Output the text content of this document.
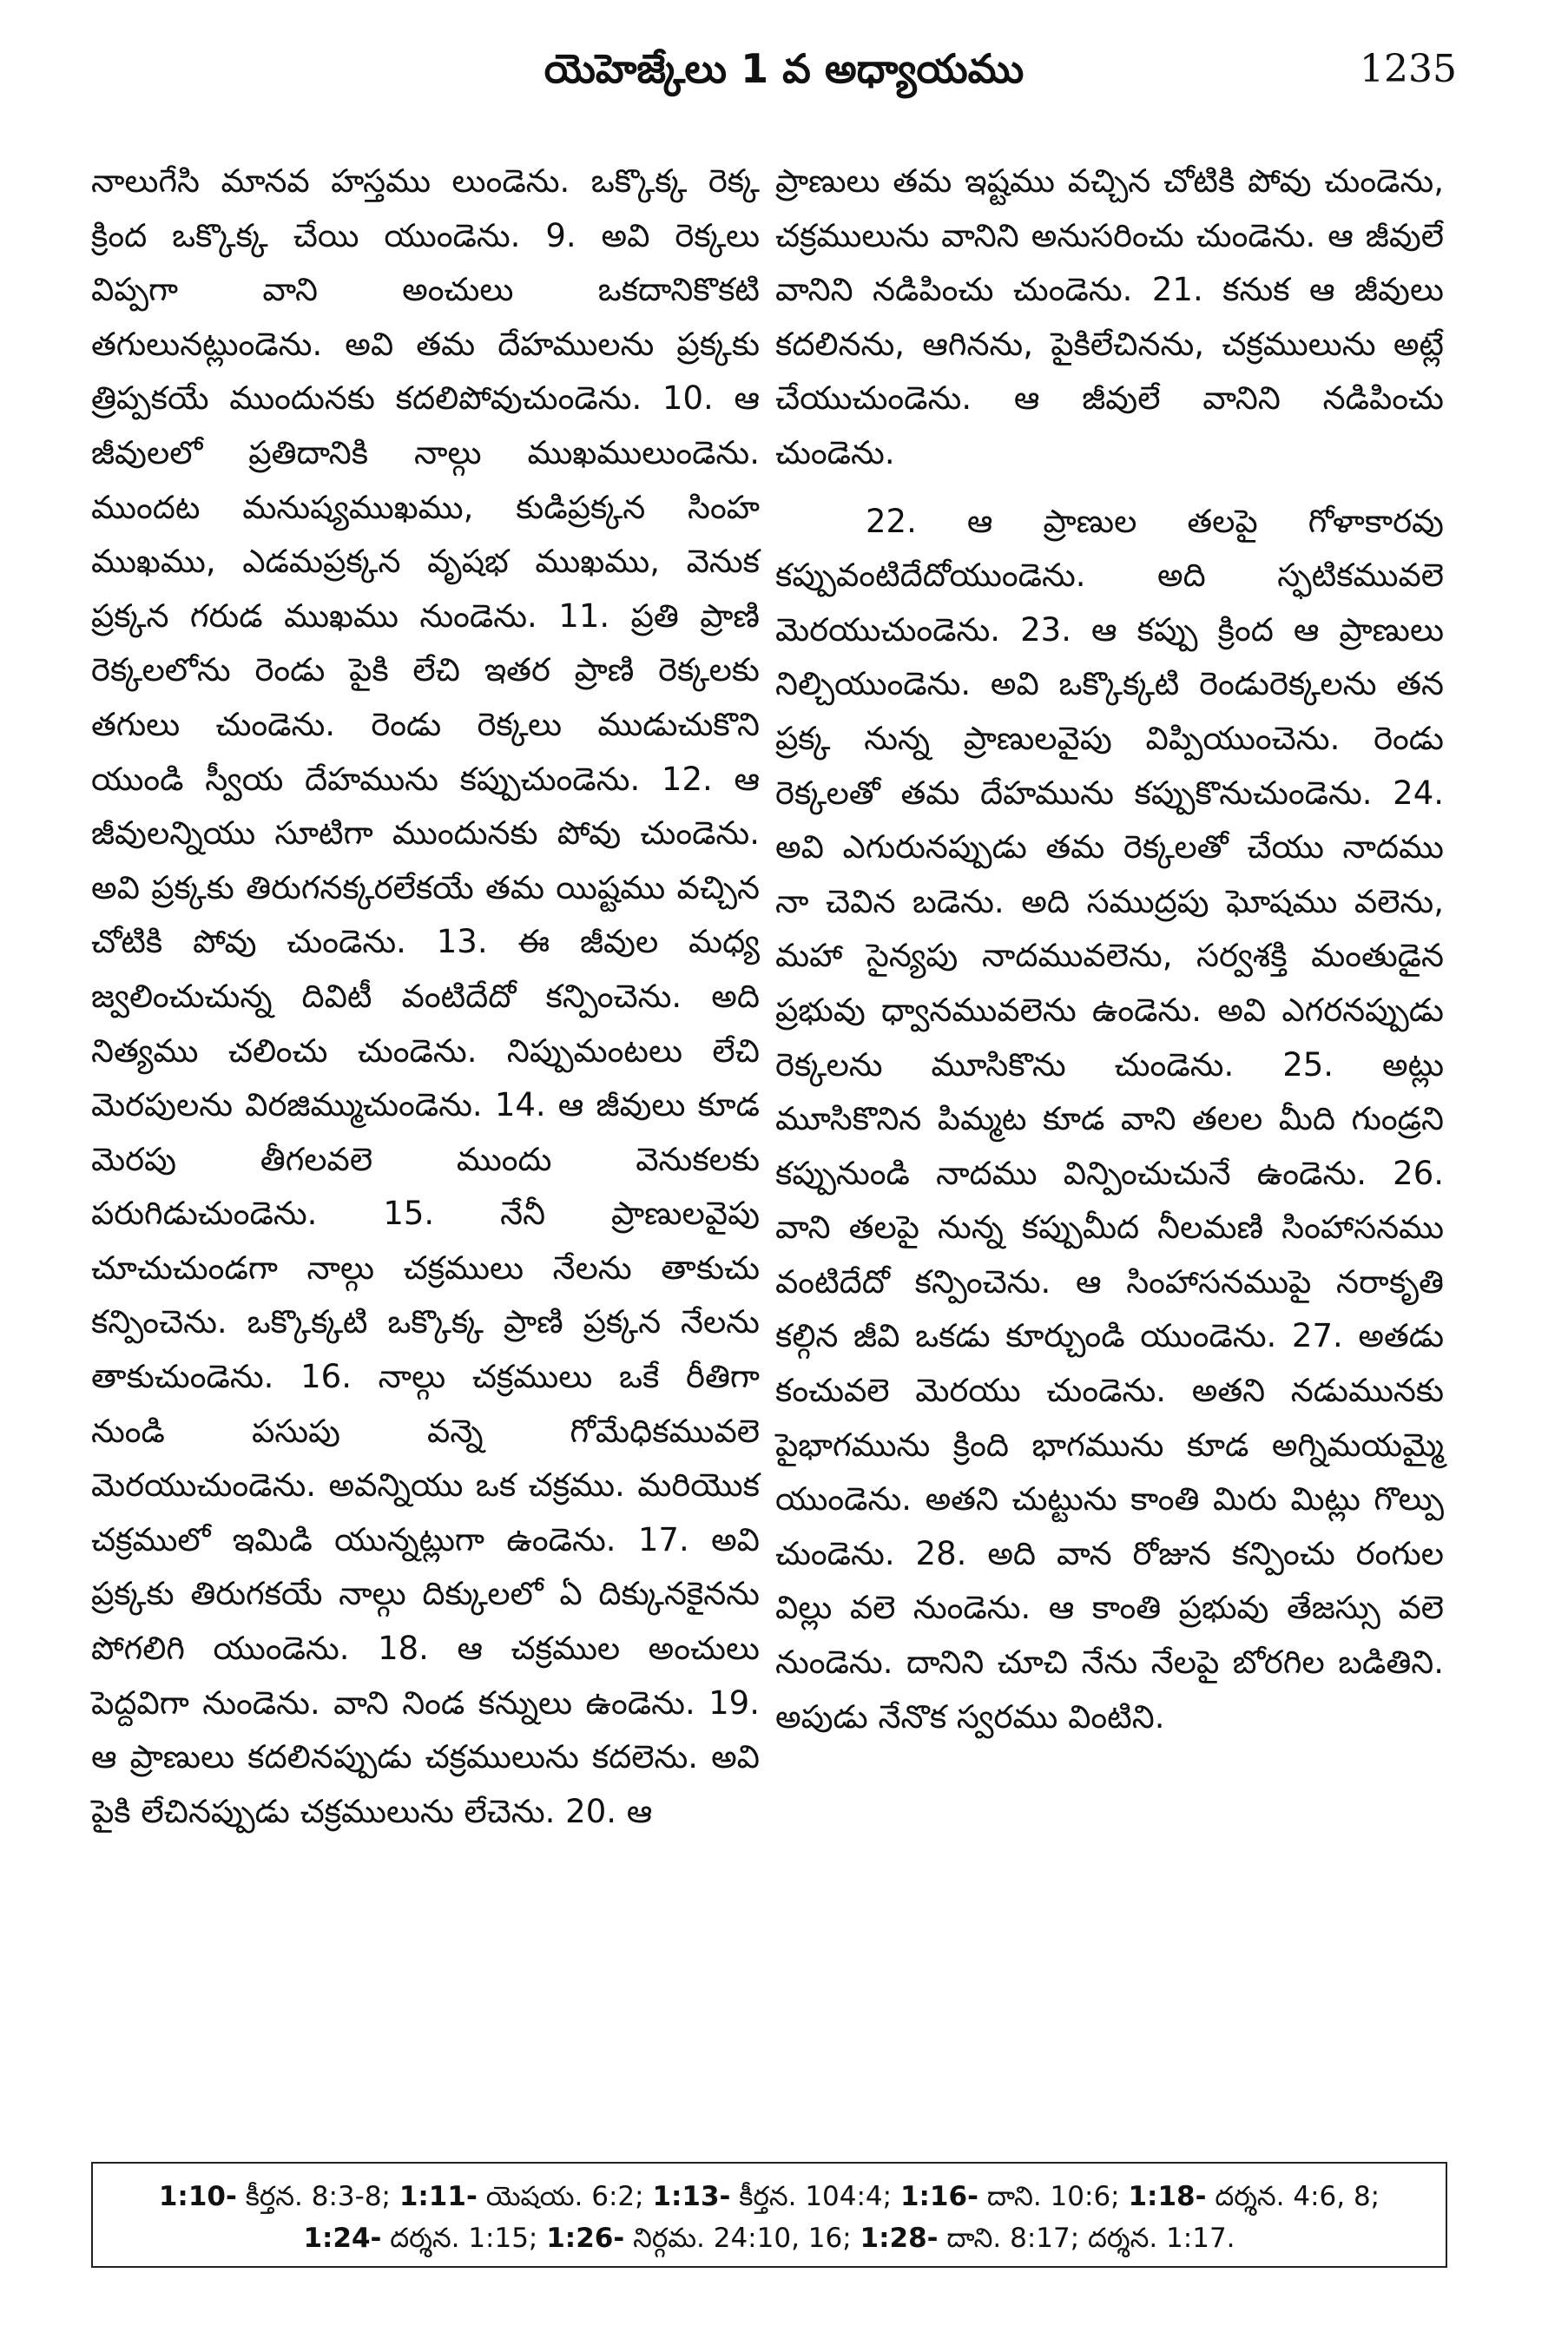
యెహెజ్కేలు 1 వ అధ్యాయము	1235

నాలుగేసి మానవ హస్తము లుండెను. ఒక్కొక్క రెక్క క్రింద ఒక్కొక్క చేయి యుండెను. 9. అవి రెక్కలు విప్పగా వాని అంచులు ఒకదానికొకటి తగులునట్లుండెను. అవి తమ దేహములను ప్రక్కకు త్రిప్పకయే ముందునకు కదలిపోవుచుండెను. 10. ఆ జీవులలో ప్రతిదానికి నాల్గు ముఖములుండెను. ముందట మనుష్యముఖము, కుడిప్రక్కన సింహ ముఖము, ఎడమప్రక్కన వృషభ ముఖము, వెనుక ప్రక్కన గరుడ ముఖము నుండెను. 11. ప్రతి ప్రాణి రెక్కలలోను రెండు పైకి లేచి ఇతర ప్రాణి రెక్కలకు తగులు చుండెను. రెండు రెక్కలు ముడుచుకొని యుండి స్వీయ దేహమును కప్పుచుండెను. 12. ఆ జీవులన్నియు సూటిగా ముందునకు పోవు చుండెను. అవి ప్రక్కకు తిరుగనక్కరలేకయే తమ యిష్టము వచ్చిన చోటికి పోవు చుండెను. 13. ఈ జీవుల మధ్య జ్వలించుచున్న దివిటీ వంటిదేదో కన్పించెను. అది నిత్యము చలించు చుండెను. నిప్పుమంటలు లేచి మెరపులను విరజిమ్ముచుండెను. 14. ఆ జీవులు కూడ మెరపు తీగలవలె ముందు వెనుకలకు పరుగిడుచుండెను. 15. నేనీ ప్రాణులవైపు చూచుచుండగా నాల్గు చక్రములు నేలను తాకుచు కన్పించెను. ఒక్కొక్కటి ఒక్కొక్క ప్రాణి ప్రక్కన నేలను తాకుచుండెను. 16. నాల్గు చక్రములు ఒకే రీతిగా నుండి పసుపు వన్నె గోమేధికమువలె మెరయుచుండెను. అవన్నియు ఒక చక్రము. మరియొక చక్రములో ఇమిడి యున్నట్లుగా ఉండెను. 17. అవి ప్రక్కకు తిరుగకయే నాల్గు దిక్కులలో ఏ దిక్కునకైనను పోగలిగి యుండెను. 18. ఆ చక్రముల అంచులు పెద్దవిగా నుండెను. వాని నిండ కన్నులు ఉండెను. 19. ఆ ప్రాణులు కదలినప్పుడు చక్రములును కదలెను. అవి పైకి లేచినప్పుడు చక్రములును లేచెను. 20. ఆ

ప్రాణులు తమ ఇష్టము వచ్చిన చోటికి పోవు చుండెను, చక్రములును వానిని అనుసరించు చుండెను. ఆ జీవులే వానిని నడిపించు చుండెను. 21. కనుక ఆ జీవులు కదలినను, ఆగినను, పైకిలేచినను, చక్రములును అట్లే చేయుచుండెను. ఆ జీవులే వానిని నడిపించు చుండెను.

22. ఆ ప్రాణుల తలపై గోళాకారవు కప్పువంటిదేదోయుండెను. అది స్ఫటికమువలె మెరయుచుండెను. 23. ఆ కప్పు క్రింద ఆ ప్రాణులు నిల్చియుండెను. అవి ఒక్కొక్కటి రెండురెక్కలను తన ప్రక్క నున్న ప్రాణులవైపు విప్పియుంచెను. రెండు రెక్కలతో తమ దేహమును కప్పుకొనుచుండెను. 24. అవి ఎగురునప్పుడు తమ రెక్కలతో చేయు నాదము నా చెవిన బడెను. అది సముద్రపు ఘోషము వలెను, మహా సైన్యపు నాదమువలెను, సర్వశక్తి మంతుడైన ప్రభువు ధ్వానమువలెను ఉండెను. అవి ఎగరనప్పుడు రెక్కలను మూసికొను చుండెను. 25. అట్లు మూసికొనిన పిమ్మట కూడ వాని తలల మీది గుండ్రని కప్పునుండి నాదము విన్పించుచునే ఉండెను. 26. వాని తలపై నున్న కప్పుమీద నీలమణి సింహాసనము వంటిదేదో కన్పించెను. ఆ సింహాసనముపై నరాకృతి కల్గిన జీవి ఒకడు కూర్చుండి యుండెను. 27. అతడు కంచువలె మెరయు చుండెను. అతని నడుమునకు పైభాగమును క్రింది భాగమును కూడ అగ్నిమయమ్మై యుండెను. అతని చుట్టును కాంతి మిరు మిట్లు గొల్పు చుండెను. 28. అది వాన రోజున కన్పించు రంగుల విల్లు వలె నుండెను. ఆ కాంతి ప్రభువు తేజస్సు వలె నుండెను. దానిని చూచి నేను నేలపై బోరగిల బడితిని. అపుడు నేనొక స్వరము వింటిని.

1:10- కీర్తన. 8:3-8; 1:11- యెషయ. 6:2; 1:13- కీర్తన. 104:4; 1:16- దాని. 10:6; 1:18- దర్శన. 4:6, 8; 1:24- దర్శన. 1:15; 1:26- నిర్గమ. 24:10, 16; 1:28- దాని. 8:17; దర్శన. 1:17.
